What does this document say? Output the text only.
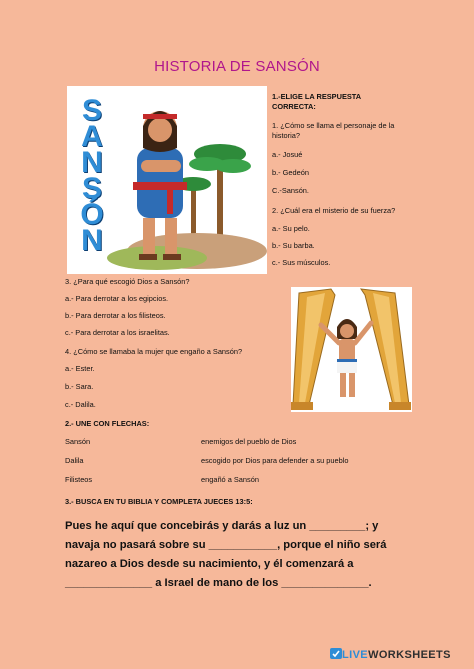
HISTORIA DE SANSÓN
SANSÓN
1.-ELIGE LA RESPUESTA
CORRECTA:
1. ¿Cómo se llama el personaje de la
historia?
a.- Josué
b.- Gedeón
C.-Sansón.
2. ¿Cuál era el misterio de su fuerza?
a.- Su pelo.
b.- Su barba.
c.- Sus músculos.
3. ¿Para qué escogió Dios a Sansón?
a.- Para derrotar a los egipcios.
b.- Para derrotar a los filisteos.
c.- Para derrotar a los israelitas.
4. ¿Cómo se llamaba la mujer que engaño a Sansón?
a.- Ester.
b.- Sara.
c.- Dalila.
2.- UNE CON FLECHAS:
Sansón
Dalila
Filisteos
enemigos del pueblo de Dios
escogido por Dios para defender a su pueblo
engañó a Sansón
3.- BUSCA EN TU BIBLIA Y COMPLETA JUECES 13:5:
Pues he aquí que concebirás y darás a luz un _________; y
navaja no pasará sobre su ___________, porque el niño será
nazareo a Dios desde su nacimiento, y él comenzará a
______________ a Israel de mano de los ______________.
LIVEWORKSHEETS
